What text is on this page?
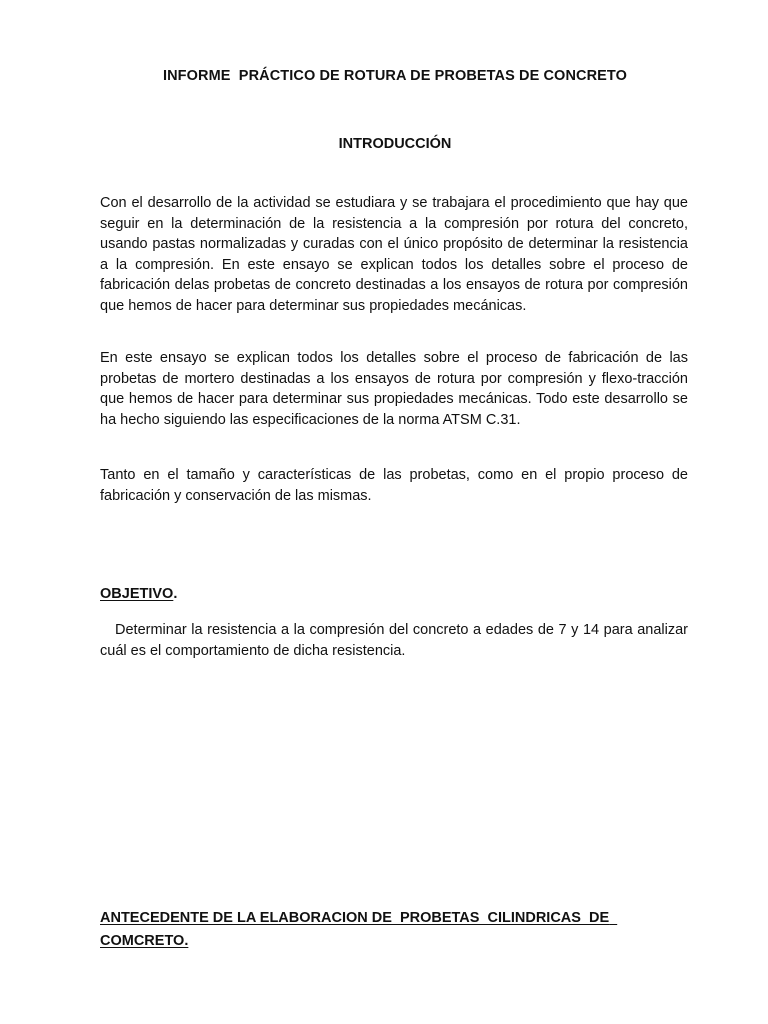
INFORME  PRÁCTICO DE ROTURA DE PROBETAS DE CONCRETO
INTRODUCCIÓN

Con el desarrollo de la actividad se estudiara y se trabajara el procedimiento que hay que seguir en la determinación de la resistencia a la compresión por rotura del concreto, usando pastas normalizadas y curadas con el único propósito de determinar la resistencia a la compresión. En este ensayo se explican todos los detalles sobre el proceso de fabricación delas probetas de concreto destinadas a los ensayos de rotura por compresión que hemos de hacer para determinar sus propiedades mecánicas.

En este ensayo se explican todos los detalles sobre el proceso de fabricación de las probetas de mortero destinadas a los ensayos de rotura por compresión y flexo-tracción que hemos de hacer para determinar sus propiedades mecánicas. Todo este desarrollo se ha hecho siguiendo las especificaciones de la norma ATSM C.31.

Tanto en el tamaño y características de las probetas, como en el propio proceso de fabricación y conservación de las mismas.

OBJETIVO.

Determinar la resistencia a la compresión del concreto a edades de 7 y 14 para analizar cuál es el comportamiento de dicha resistencia.

ANTECEDENTE DE LA ELABORACION DE  PROBETAS  CILINDRICAS  DE  COMCRETO.
